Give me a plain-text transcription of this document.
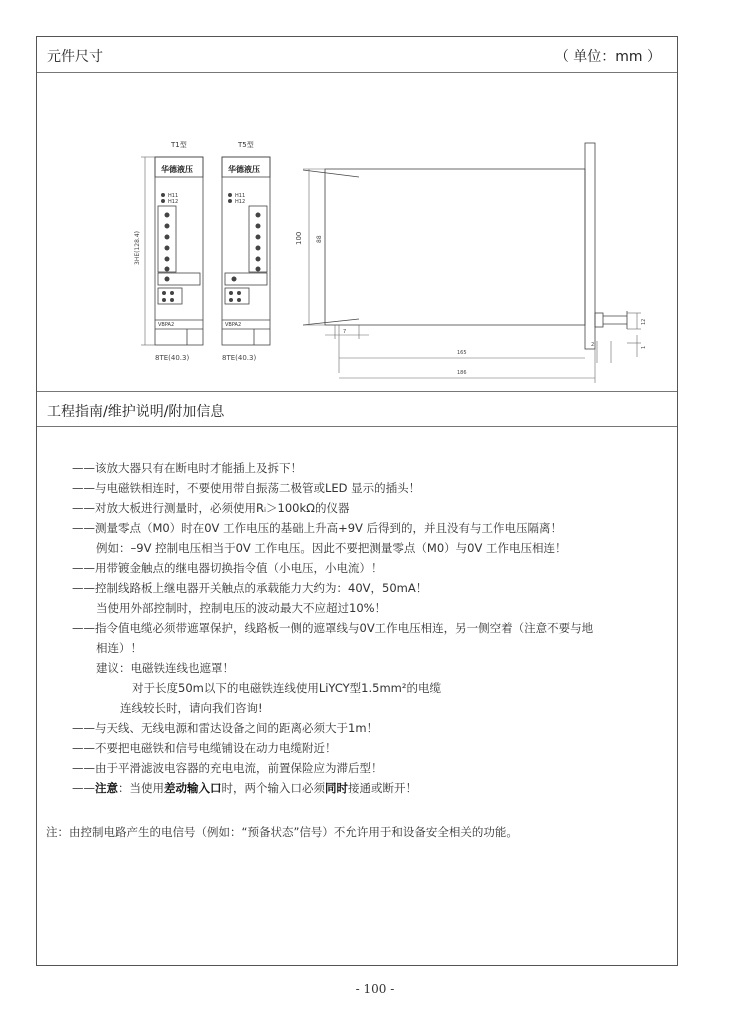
元件尺寸	（ 单位：mm ）
T1型	T5型
华德液压	华德液压
H11
H12
H11
H12
VBPA2	VBPA2
8TE(40.3)	8TE(40.3)
3HE(128.4)	100 88
7
165
186
2
12
1
工程指南/维护说明/附加信息
——该放大器只有在断电时才能插上及拆下！
——与电磁铁相连时，不要使用带自振荡二极管或LED 显示的插头！
——对放大板进行测量时，必须使用Rᵢ＞100kΩ的仪器
——测量零点（M0）时在0V 工作电压的基础上升高+9V 后得到的，并且没有与工作电压隔离！
例如：–9V 控制电压相当于0V 工作电压。因此不要把测量零点（M0）与0V 工作电压相连！
——用带镀金触点的继电器切换指令值（小电压，小电流）！
——控制线路板上继电器开关触点的承载能力大约为：40V，50mA！
当使用外部控制时，控制电压的波动最大不应超过10%！
——指令值电缆必须带遮罩保护，线路板一侧的遮罩线与0V工作电压相连，另一侧空着（注意不要与地
相连）！
建议：电磁铁连线也遮罩！
对于长度50m以下的电磁铁连线使用LiYCY型1.5mm²的电缆
连线较长时，请向我们咨询!
——与天线、无线电源和雷达设备之间的距离必须大于1m！
——不要把电磁铁和信号电缆铺设在动力电缆附近！
——由于平滑滤波电容器的充电电流，前置保险应为滞后型！
——注意：当使用差动输入口时，两个输入口必须同时接通或断开！
注：由控制电路产生的电信号（例如：“预备状态”信号）不允许用于和设备安全相关的功能。
- 100 -
